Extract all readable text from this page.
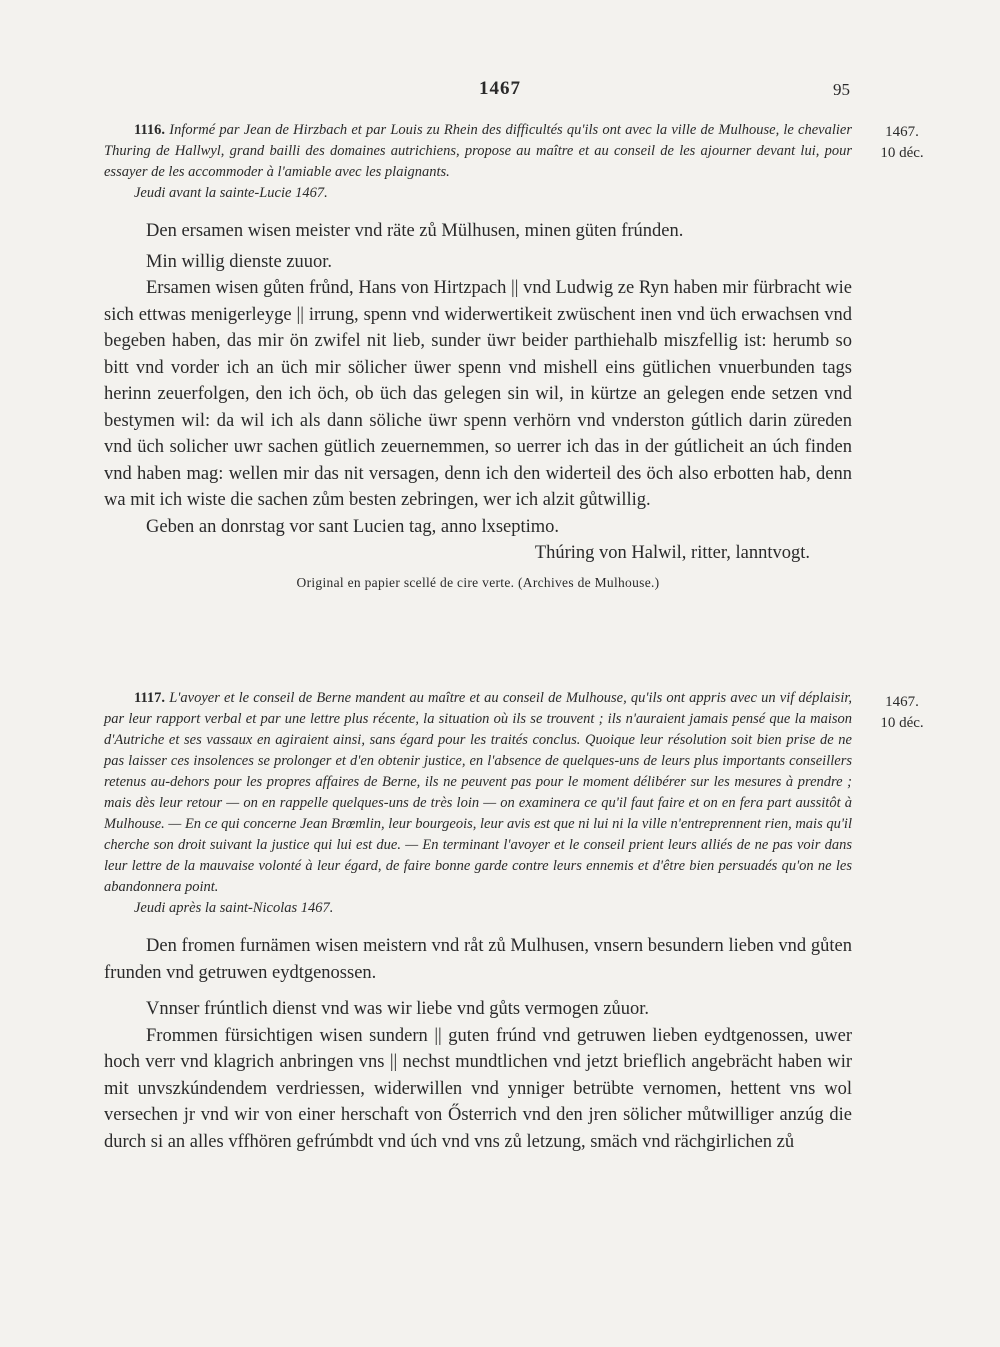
1467	95
1467.
10 déc.

1116. Informé par Jean de Hirzbach et par Louis zu Rhein des difficultés qu'ils ont avec la ville de Mulhouse, le chevalier Thuring de Hallwyl, grand bailli des domaines autrichiens, propose au maître et au conseil de les ajourner devant lui, pour essayer de les accommoder à l'amiable avec les plaignants.

Jeudi avant la sainte-Lucie 1467.

Den ersamen wisen meister vnd räte zů Mülhusen, minen güten frúnden.

Min willig dienste zuuor.

Ersamen wisen gůten frůnd, Hans von Hirtzpach || vnd Ludwig ze Ryn haben mir fürbracht wie sich ettwas menigerleyge || irrung, spenn vnd widerwertikeit zwüschent inen vnd üch erwachsen vnd begeben haben, das mir ön zwifel nit lieb, sunder üwr beider parthiehalb miszfellig ist: herumb so bitt vnd vorder ich an üch mir sölicher üwer spenn vnd mishell eins gütlichen vnuerbunden tags herinn zeuerfolgen, den ich öch, ob üch das gelegen sin wil, in kürtze an gelegen ende setzen vnd bestymen wil: da wil ich als dann söliche üwr spenn verhörn vnd vnderston gútlich darin züreden vnd üch solicher uwr sachen gütlich zeuernemmen, so uerrer ich das in der gútlicheit an úch finden vnd haben mag: wellen mir das nit versagen, denn ich den widerteil des öch also erbotten hab, denn wa mit ich wiste die sachen zům besten zebringen, wer ich alzit gůtwillig.

Geben an donrstag vor sant Lucien tag, anno lxseptimo.

Thúring von Halwil, ritter, lanntvogt.

Original en papier scellé de cire verte. (Archives de Mulhouse.)

1467.
10 déc.

1117. L'avoyer et le conseil de Berne mandent au maître et au conseil de Mulhouse, qu'ils ont appris avec un vif déplaisir, par leur rapport verbal et par une lettre plus récente, la situation où ils se trouvent ; ils n'auraient jamais pensé que la maison d'Autriche et ses vassaux en agiraient ainsi, sans égard pour les traités conclus. Quoique leur résolution soit bien prise de ne pas laisser ces insolences se prolonger et d'en obtenir justice, en l'absence de quelques-uns de leurs plus importants conseillers retenus au-dehors pour les propres affaires de Berne, ils ne peuvent pas pour le moment délibérer sur les mesures à prendre ; mais dès leur retour — on en rappelle quelques-uns de très loin — on examinera ce qu'il faut faire et on en fera part aussitôt à Mulhouse. — En ce qui concerne Jean Brœmlin, leur bourgeois, leur avis est que ni lui ni la ville n'entreprennent rien, mais qu'il cherche son droit suivant la justice qui lui est due. — En terminant l'avoyer et le conseil prient leurs alliés de ne pas voir dans leur lettre de la mauvaise volonté à leur égard, de faire bonne garde contre leurs ennemis et d'être bien persuadés qu'on ne les abandonnera point.

Jeudi après la saint-Nicolas 1467.

Den fromen furnämen wisen meistern vnd råt zů Mulhusen, vnsern besundern lieben vnd gůten frunden vnd getruwen eydtgenossen.

Vnnser frúntlich dienst vnd was wir liebe vnd gůts vermogen zůuor.

Frommen fürsichtigen wisen sundern || guten frúnd vnd getruwen lieben eydtgenossen, uwer hoch verr vnd klagrich anbringen vns || nechst mundtlichen vnd jetzt brieflich angebrächt haben wir mit unvszkúndendem verdriessen, widerwillen vnd ynniger betrübte vernomen, hettent vns wol versechen jr vnd wir von einer herschaft von Ősterrich vnd den jren sölicher můtwilliger anzúg die durch si an alles vffhören gefrúmbdt vnd úch vnd vns zů letzung, smäch vnd rächgirlichen zů
